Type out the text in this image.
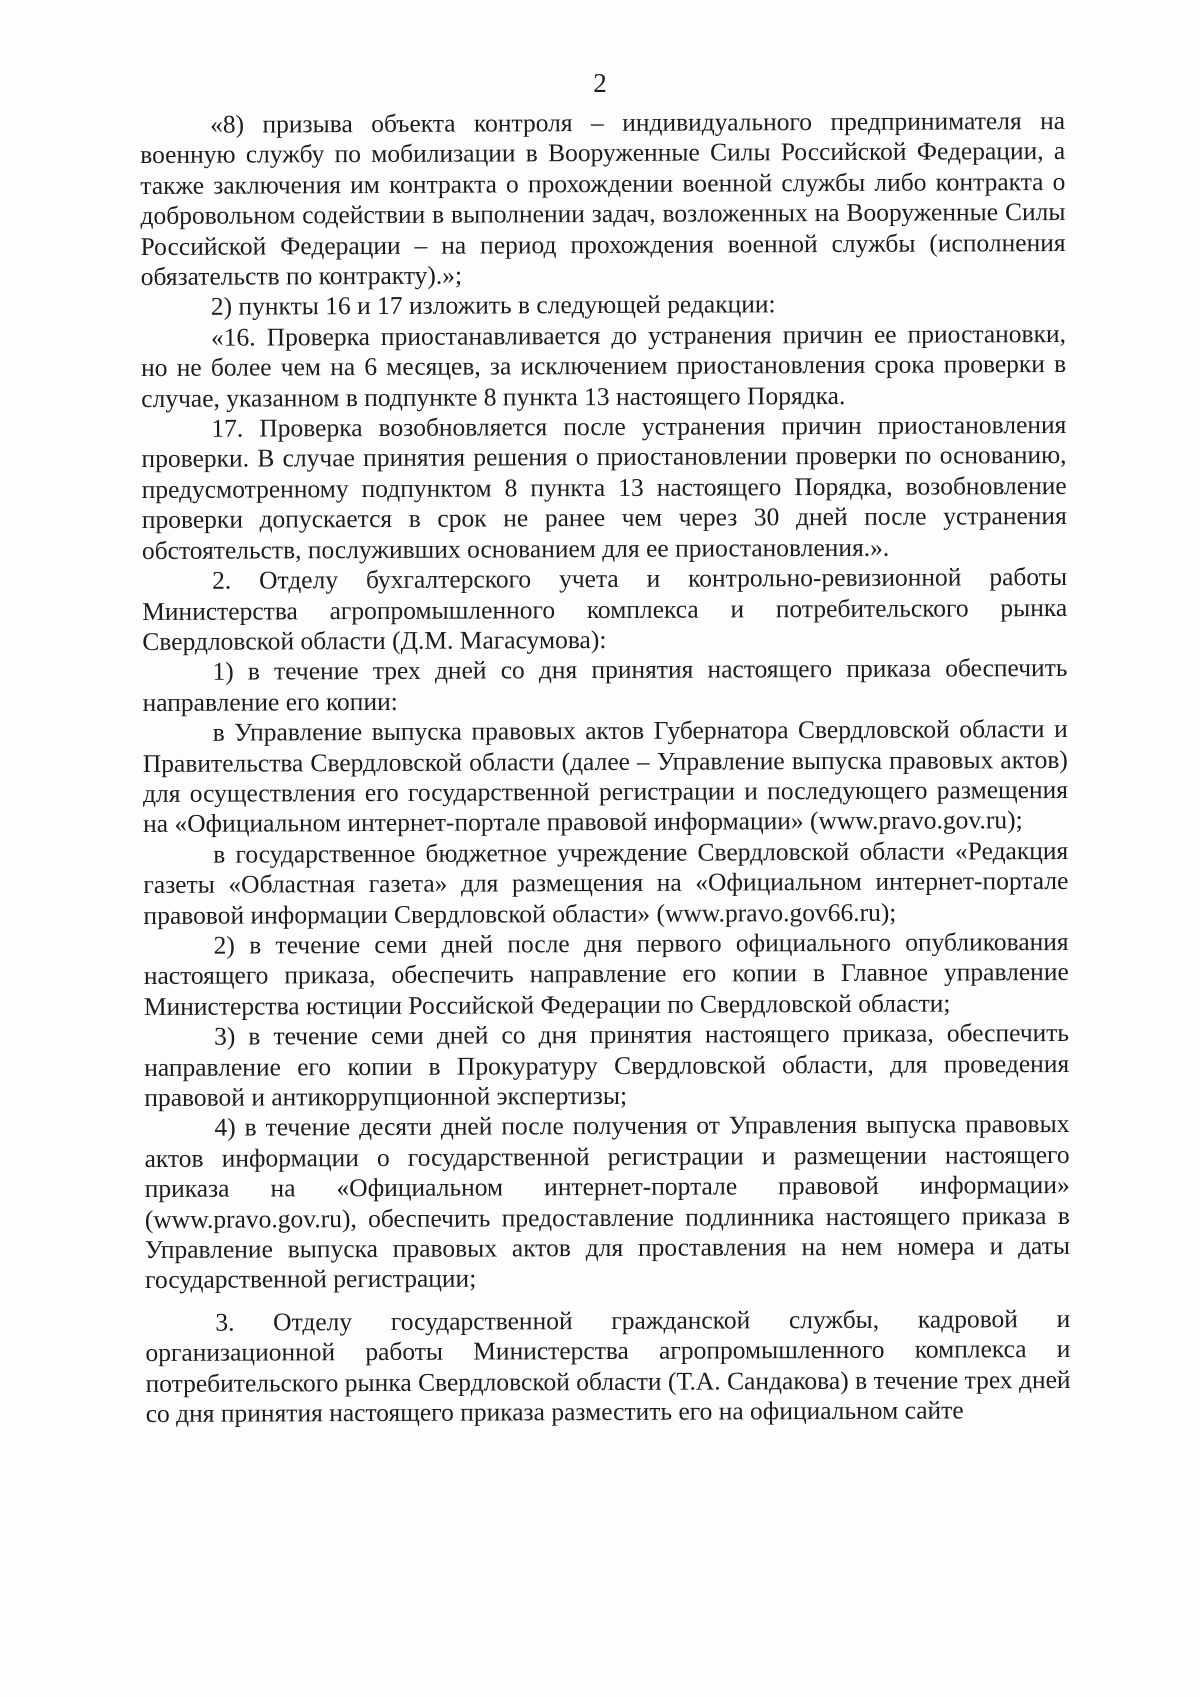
2

«8) призыва объекта контроля – индивидуального предпринимателя на военную службу по мобилизации в Вооруженные Силы Российской Федерации, а также заключения им контракта о прохождении военной службы либо контракта о добровольном содействии в выполнении задач, возложенных на Вооруженные Силы Российской Федерации – на период прохождения военной службы (исполнения обязательств по контракту).»;

2) пункты 16 и 17 изложить в следующей редакции:

«16. Проверка приостанавливается до устранения причин ее приостановки, но не более чем на 6 месяцев, за исключением приостановления срока проверки в случае, указанном в подпункте 8 пункта 13 настоящего Порядка.

17. Проверка возобновляется после устранения причин приостановления проверки. В случае принятия решения о приостановлении проверки по основанию, предусмотренному подпунктом 8 пункта 13 настоящего Порядка, возобновление проверки допускается в срок не ранее чем через 30 дней после устранения обстоятельств, послуживших основанием для ее приостановления.».

2. Отделу бухгалтерского учета и контрольно-ревизионной работы Министерства агропромышленного комплекса и потребительского рынка Свердловской области (Д.М. Магасумова):

1) в течение трех дней со дня принятия настоящего приказа обеспечить направление его копии:

в Управление выпуска правовых актов Губернатора Свердловской области и Правительства Свердловской области (далее – Управление выпуска правовых актов) для осуществления его государственной регистрации и последующего размещения на «Официальном интернет-портале правовой информации» (www.pravo.gov.ru);

в государственное бюджетное учреждение Свердловской области «Редакция газеты «Областная газета» для размещения на «Официальном интернет-портале правовой информации Свердловской области» (www.pravo.gov66.ru);

2) в течение семи дней после дня первого официального опубликования настоящего приказа, обеспечить направление его копии в Главное управление Министерства юстиции Российской Федерации по Свердловской области;

3) в течение семи дней со дня принятия настоящего приказа, обеспечить направление его копии в Прокуратуру Свердловской области, для проведения правовой и антикоррупционной экспертизы;

4) в течение десяти дней после получения от Управления выпуска правовых актов информации о государственной регистрации и размещении настоящего приказа на «Официальном интернет-портале правовой информации» (www.pravo.gov.ru), обеспечить предоставление подлинника настоящего приказа в Управление выпуска правовых актов для проставления на нем номера и даты государственной регистрации;

3. Отделу государственной гражданской службы, кадровой и организационной работы Министерства агропромышленного комплекса и потребительского рынка Свердловской области (Т.А. Сандакова) в течение трех дней со дня принятия настоящего приказа разместить его на официальном сайте
